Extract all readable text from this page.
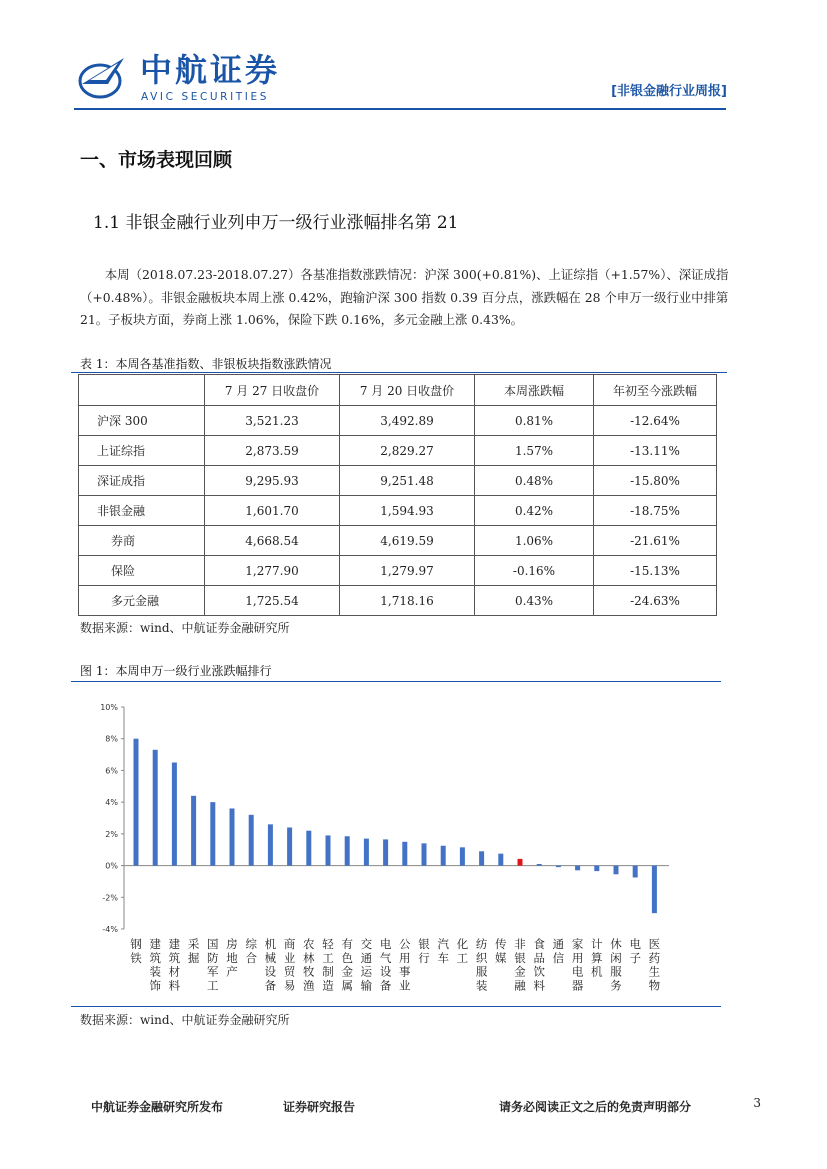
中航证券
AVIC SECURITIES	[非银金融行业周报]
一、市场表现回顾
1.1 非银金融行业列申万一级行业涨幅排名第 21

本周（2018.07.23-2018.07.27）各基准指数涨跌情况：沪深 300(+0.81%)、上证综指（+1.57%）、深证成指（+0.48%）。非银金融板块本周上涨 0.42%，跑输沪深 300 指数 0.39 百分点，涨跌幅在 28 个申万一级行业中排第 21。子板块方面，券商上涨 1.06%，保险下跌 0.16%，多元金融上涨 0.43%。

表 1：本周各基准指数、非银板块指数涨跌情况
	7 月 27 日收盘价	7 月 20 日收盘价	本周涨跌幅	年初至今涨跌幅
沪深 300	3,521.23	3,492.89	0.81%	-12.64%
上证综指	2,873.59	2,829.27	1.57%	-13.11%
深证成指	9,295.93	9,251.48	0.48%	-15.80%
非银金融	1,601.70	1,594.93	0.42%	-18.75%
券商	4,668.54	4,619.59	1.06%	-21.61%
保险	1,277.90	1,279.97	-0.16%	-15.13%
多元金融	1,725.54	1,718.16	0.43%	-24.63%
数据来源：wind、中航证券金融研究所
图 1：本周申万一级行业涨跌幅排行
10%
8%
6%
4%
2%
0%
-2%
-4%
钢铁
建筑装饰
建筑材料
采掘
国防军工
房地产
综合
机械设备
商业贸易
农林牧渔
轻工制造
有色金属
交通运输
电气设备
公用事业
银行
汽车
化工
纺织服装
传媒
非银金融
食品饮料
通信
家用电器
计算机
休闲服务
电子
医药生物
数据来源：wind、中航证券金融研究所
中航证券金融研究所发布	证券研究报告	请务必阅读正文之后的免责声明部分	3
